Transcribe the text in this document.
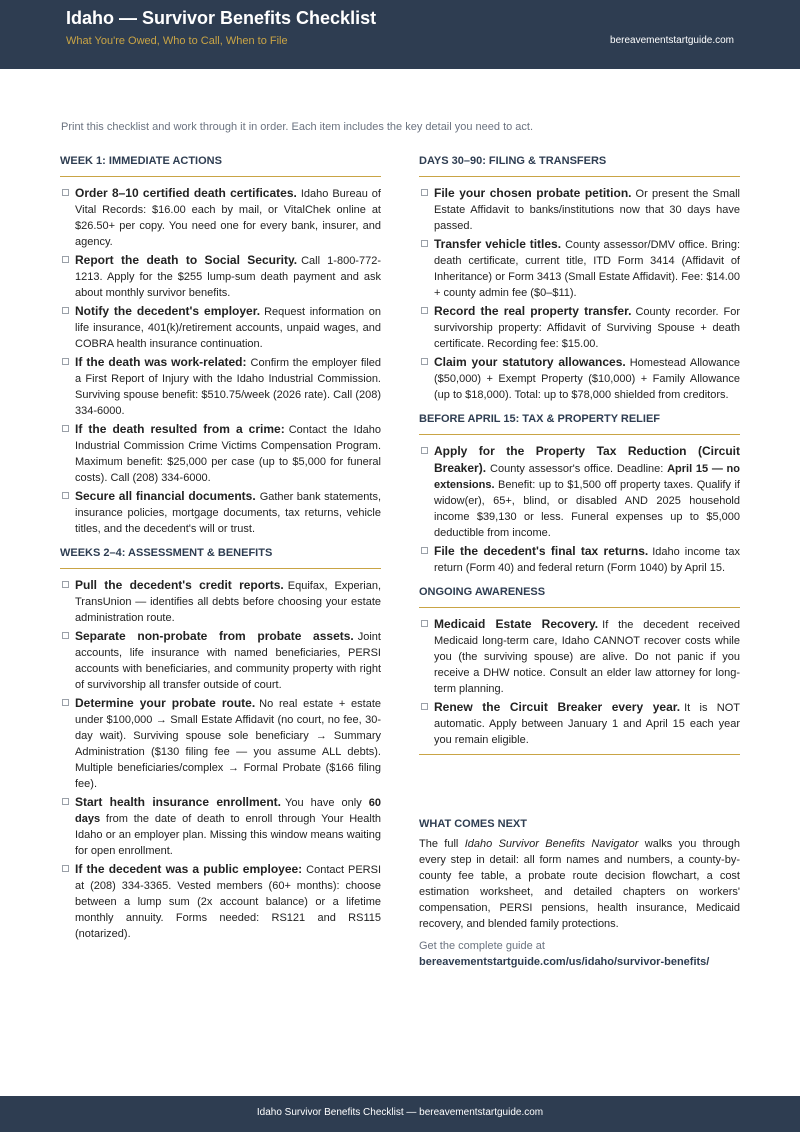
Idaho — Survivor Benefits Checklist
What You're Owed, Who to Call, When to File	bereavementstartguide.com
Print this checklist and work through it in order. Each item includes the key detail you need to act.
WEEK 1: IMMEDIATE ACTIONS
Order 8–10 certified death certificates. Idaho Bureau of Vital Records: $16.00 each by mail, or VitalChek online at $26.50+ per copy. You need one for every bank, insurer, and agency.
Report the death to Social Security. Call 1-800-772-1213. Apply for the $255 lump-sum death payment and ask about monthly survivor benefits.
Notify the decedent's employer. Request information on life insurance, 401(k)/retirement accounts, unpaid wages, and COBRA health insurance continuation.
If the death was work-related: Confirm the employer filed a First Report of Injury with the Idaho Industrial Commission. Surviving spouse benefit: $510.75/week (2026 rate). Call (208) 334-6000.
If the death resulted from a crime: Contact the Idaho Industrial Commission Crime Victims Compensation Program. Maximum benefit: $25,000 per case (up to $5,000 for funeral costs). Call (208) 334-6000.
Secure all financial documents. Gather bank statements, insurance policies, mortgage documents, tax returns, vehicle titles, and the decedent's will or trust.
WEEKS 2–4: ASSESSMENT & BENEFITS
Pull the decedent's credit reports. Equifax, Experian, TransUnion — identifies all debts before choosing your estate administration route.
Separate non-probate from probate assets. Joint accounts, life insurance with named beneficiaries, PERSI accounts with beneficiaries, and community property with right of survivorship all transfer outside of court.
Determine your probate route. No real estate + estate under $100,000 → Small Estate Affidavit (no court, no fee, 30-day wait). Surviving spouse sole beneficiary → Summary Administration ($130 filing fee — you assume ALL debts). Multiple beneficiaries/complex → Formal Probate ($166 filing fee).
Start health insurance enrollment. You have only 60 days from the date of death to enroll through Your Health Idaho or an employer plan. Missing this window means waiting for open enrollment.
If the decedent was a public employee: Contact PERSI at (208) 334-3365. Vested members (60+ months): choose between a lump sum (2x account balance) or a lifetime monthly annuity. Forms needed: RS121 and RS115 (notarized).
DAYS 30–90: FILING & TRANSFERS
File your chosen probate petition. Or present the Small Estate Affidavit to banks/institutions now that 30 days have passed.
Transfer vehicle titles. County assessor/DMV office. Bring: death certificate, current title, ITD Form 3414 (Affidavit of Inheritance) or Form 3413 (Small Estate Affidavit). Fee: $14.00 + county admin fee ($0–$11).
Record the real property transfer. County recorder. For survivorship property: Affidavit of Surviving Spouse + death certificate. Recording fee: $15.00.
Claim your statutory allowances. Homestead Allowance ($50,000) + Exempt Property ($10,000) + Family Allowance (up to $18,000). Total: up to $78,000 shielded from creditors.
BEFORE APRIL 15: TAX & PROPERTY RELIEF
Apply for the Property Tax Reduction (Circuit Breaker). County assessor's office. Deadline: April 15 — no extensions. Benefit: up to $1,500 off property taxes. Qualify if widow(er), 65+, blind, or disabled AND 2025 household income $39,130 or less. Funeral expenses up to $5,000 deductible from income.
File the decedent's final tax returns. Idaho income tax return (Form 40) and federal return (Form 1040) by April 15.
ONGOING AWARENESS
Medicaid Estate Recovery. If the decedent received Medicaid long-term care, Idaho CANNOT recover costs while you (the surviving spouse) are alive. Do not panic if you receive a DHW notice. Consult an elder law attorney for long-term planning.
Renew the Circuit Breaker every year. It is NOT automatic. Apply between January 1 and April 15 each year you remain eligible.
WHAT COMES NEXT
The full Idaho Survivor Benefits Navigator walks you through every step in detail: all form names and numbers, a county-by-county fee table, a probate route decision flowchart, a cost estimation worksheet, and detailed chapters on workers' compensation, PERSI pensions, health insurance, Medicaid recovery, and blended family protections.
Get the complete guide at
bereavementstartguide.com/us/idaho/survivor-benefits/
Idaho Survivor Benefits Checklist — bereavementstartguide.com
